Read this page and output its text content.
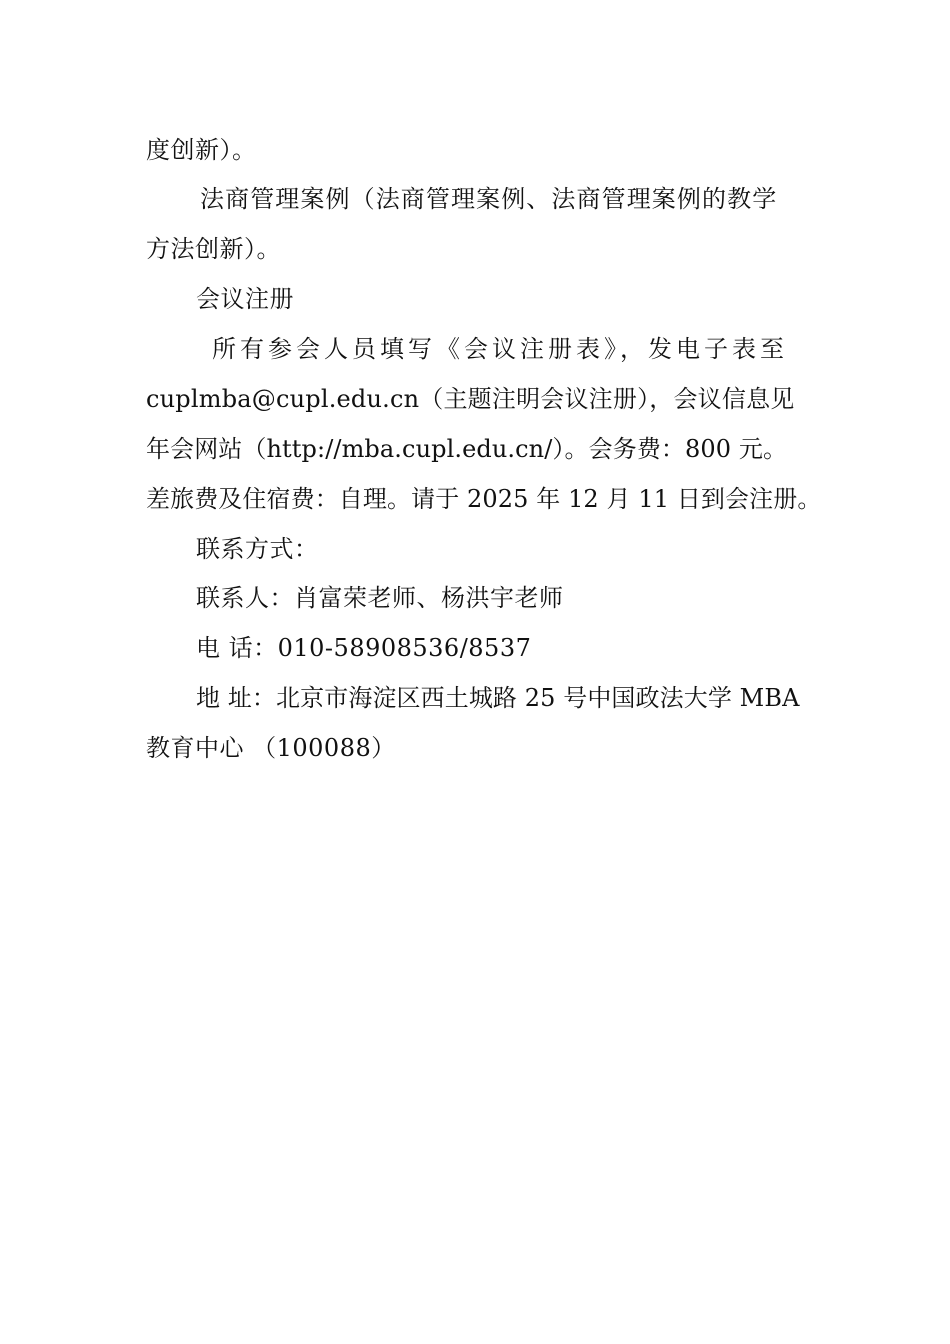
度创新）。
法商管理案例（法商管理案例、法商管理案例的教学
方法创新）。
会议注册
所有参会人员填写《会议注册表》，发电子表至
cuplmba@cupl.edu.cn（主题注明会议注册），会议信息见
年会网站（http://mba.cupl.edu.cn/）。会务费：800 元。
差旅费及住宿费：自理。请于 2025 年 12 月 11 日到会注册。
联系方式：
联系人：肖富荣老师、杨洪宇老师
电 话：010-58908536/8537
地 址：北京市海淀区西土城路 25 号中国政法大学 MBA
教育中心 （100088）
